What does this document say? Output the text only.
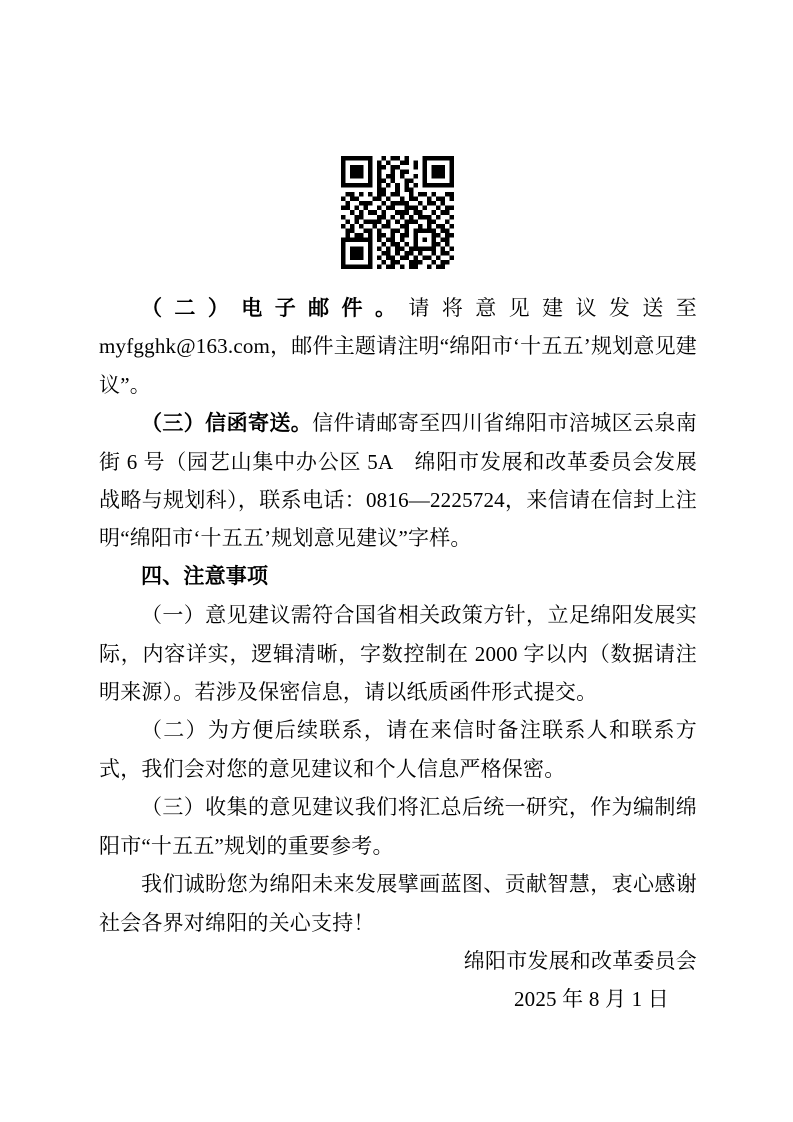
（二）电子邮件。请将意见建议发送至 myfgghk@163.com，邮件主题请注明“绵阳市‘十五五’规划意见建议”。

（三）信函寄送。信件请邮寄至四川省绵阳市涪城区云泉南街 6 号（园艺山集中办公区 5A　绵阳市发展和改革委员会发展战略与规划科），联系电话：0816—2225724，来信请在信封上注明“绵阳市‘十五五’规划意见建议”字样。

四、注意事项

（一）意见建议需符合国省相关政策方针，立足绵阳发展实际，内容详实，逻辑清晰，字数控制在 2000 字以内（数据请注明来源）。若涉及保密信息，请以纸质函件形式提交。

（二）为方便后续联系，请在来信时备注联系人和联系方式，我们会对您的意见建议和个人信息严格保密。

（三）收集的意见建议我们将汇总后统一研究，作为编制绵阳市“十五五”规划的重要参考。

我们诚盼您为绵阳未来发展擘画蓝图、贡献智慧，衷心感谢社会各界对绵阳的关心支持！

绵阳市发展和改革委员会

2025 年 8 月 1 日
